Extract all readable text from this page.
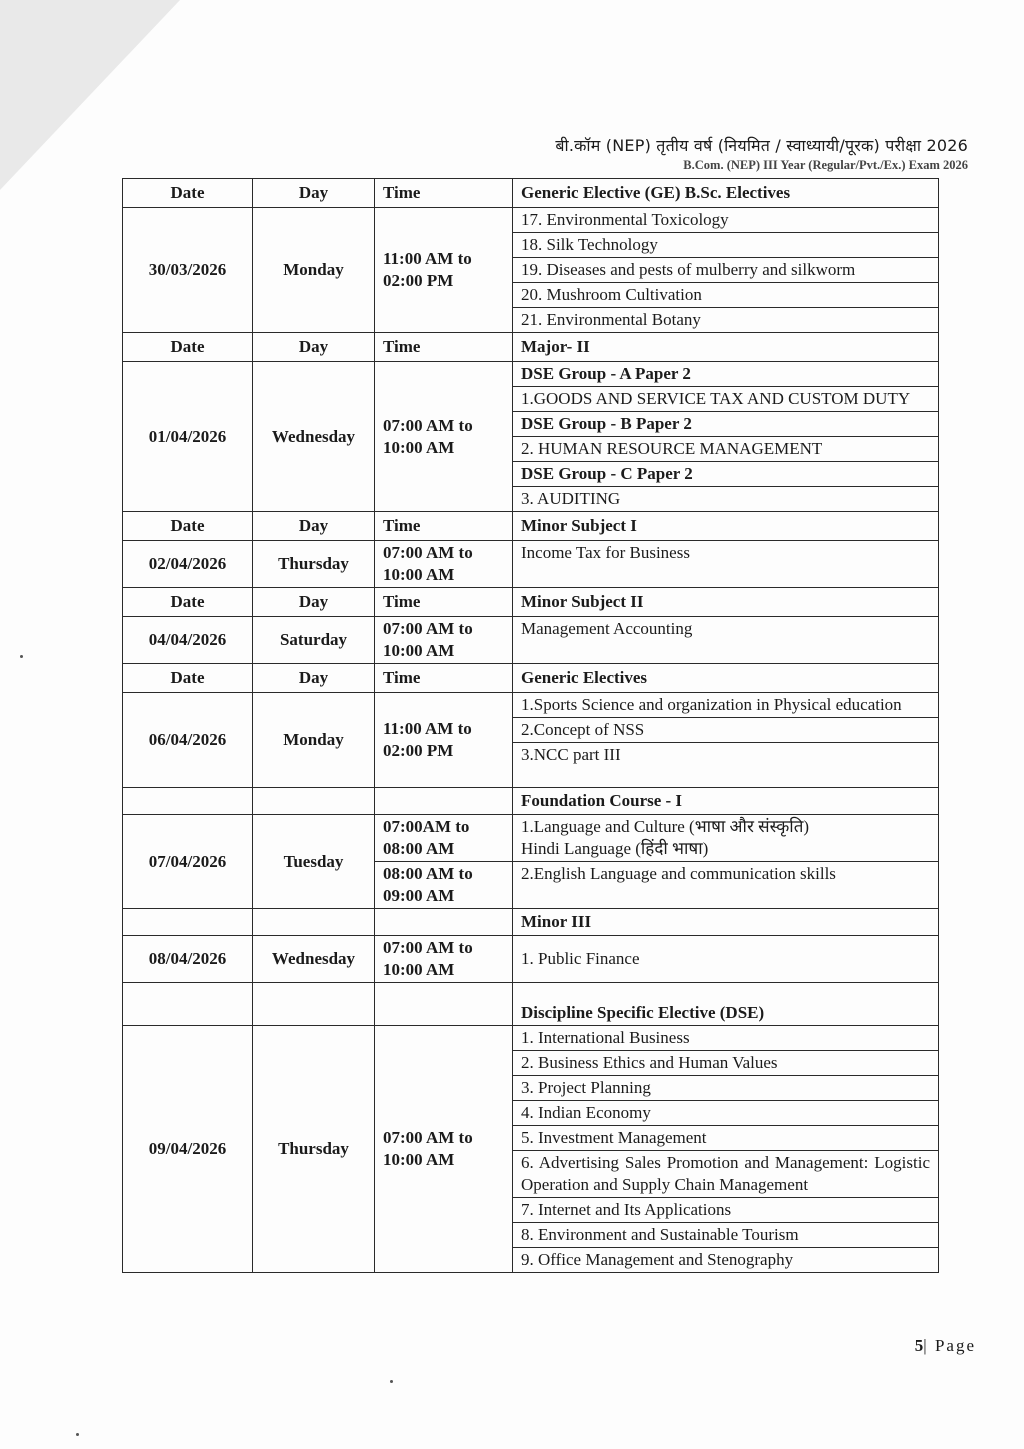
बी.कॉम (NEP) तृतीय वर्ष (नियमित / स्वाध्यायी/पूरक) परीक्षा 2026
B.Com. (NEP) III Year (Regular/Pvt./Ex.) Exam 2026
Date	Day	Time	Generic Elective (GE) B.Sc. Electives
30/03/2026	Monday	11:00 AM to 02:00 PM	17. Environmental Toxicology
			18. Silk Technology
			19. Diseases and pests of mulberry and silkworm
			20. Mushroom Cultivation
			21. Environmental Botany
Date	Day	Time	Major- II
01/04/2026	Wednesday	07:00 AM to 10:00 AM	DSE Group - A Paper 2
			1.GOODS AND SERVICE TAX AND CUSTOM DUTY
			DSE Group - B Paper 2
			2. HUMAN RESOURCE MANAGEMENT
			DSE Group - C Paper 2
			3. AUDITING
Date	Day	Time	Minor Subject I
02/04/2026	Thursday	07:00 AM to 10:00 AM	Income Tax for Business
Date	Day	Time	Minor Subject II
04/04/2026	Saturday	07:00 AM to 10:00 AM	Management Accounting
Date	Day	Time	Generic Electives
06/04/2026	Monday	11:00 AM to 02:00 PM	1.Sports Science and organization in Physical education
			2.Concept of NSS
			3.NCC part III
			Foundation Course - I
07/04/2026	Tuesday	07:00AM to 08:00 AM	1.Language and Culture (भाषा और संस्कृति)
Hindi Language (हिंदी भाषा)

		08:00 AM to 09:00 AM	2.English Language and communication skills
			Minor III
08/04/2026	Wednesday	07:00 AM to 10:00 AM	1. Public Finance
			Discipline Specific Elective (DSE)
09/04/2026	Thursday	07:00 AM to 10:00 AM	1. International Business
			2. Business Ethics and Human Values
			3. Project Planning
			4. Indian Economy
			5. Investment Management
			6. Advertising Sales Promotion and Management: Logistic Operation and Supply Chain Management
			7. Internet and Its Applications
			8. Environment and Sustainable Tourism
			9. Office Management and Stenography
5| Page
